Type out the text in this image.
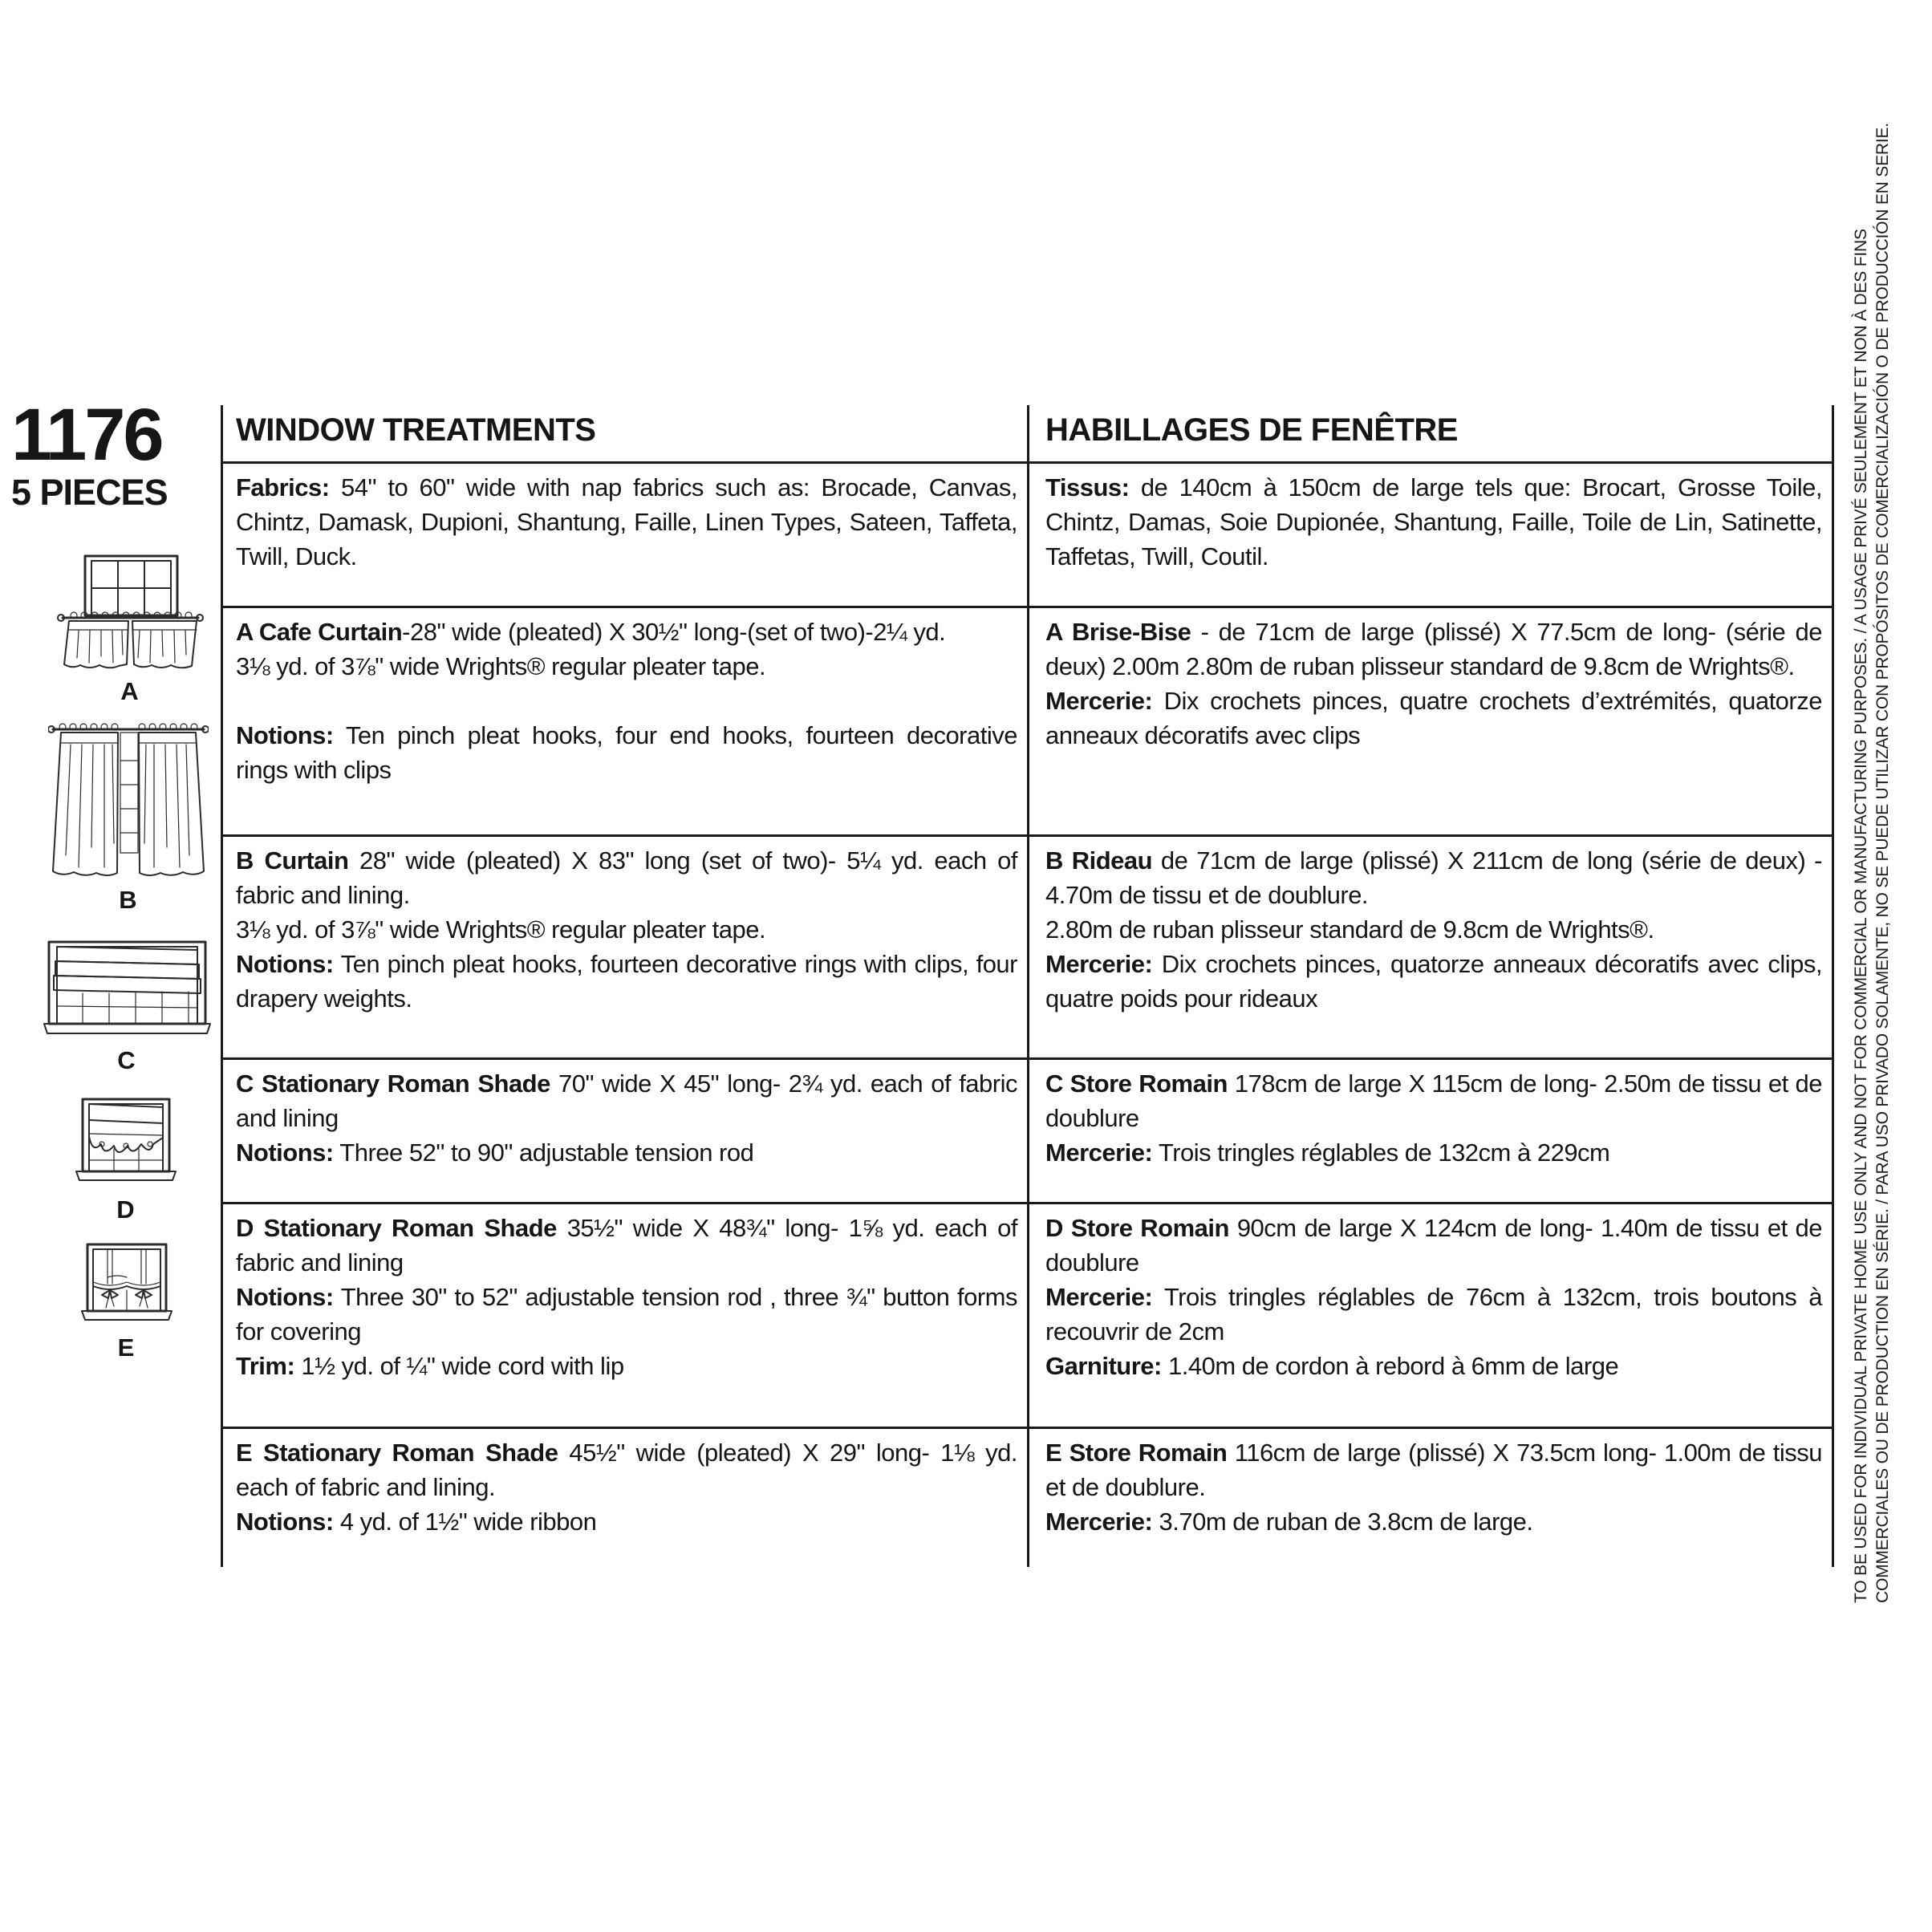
1176
5 PIECES
A
B
C
D
E

WINDOW TREATMENTS	HABILLAGES DE FENÊTRE

Fabrics: 54" to 60" wide with nap fabrics such as: Brocade, Canvas, Chintz, Damask, Dupioni, Shantung, Faille, Linen Types, Sateen, Taffeta, Twill, Duck.

Tissus: de 140cm à 150cm de large tels que: Brocart, Grosse Toile, Chintz, Damas, Soie Dupionée, Shantung, Faille, Toile de Lin, Satinette, Taffetas, Twill, Coutil.

A Cafe Curtain-28" wide (pleated) X 30½" long-(set of two)-2¼ yd.
3⅛ yd. of 3⅞" wide Wrights® regular pleater tape.

Notions: Ten pinch pleat hooks, four end hooks, fourteen decorative rings with clips

A Brise-Bise - de 71cm de large (plissé) X 77.5cm de long- (série de deux) 2.00m 2.80m de ruban plisseur standard de 9.8cm de Wrights®.

Mercerie: Dix crochets pinces, quatre crochets d’extrémités, quatorze anneaux décoratifs avec clips

B Curtain 28" wide (pleated) X 83" long (set of two)- 5¼ yd. each of fabric and lining.
3⅛ yd. of 3⅞" wide Wrights® regular pleater tape.

Notions: Ten pinch pleat hooks, fourteen decorative rings with clips, four drapery weights.

B Rideau de 71cm de large (plissé) X 211cm de long (série de deux) - 4.70m de tissu et de doublure.
2.80m de ruban plisseur standard de 9.8cm de Wrights®.

Mercerie: Dix crochets pinces, quatorze anneaux décoratifs avec clips, quatre poids pour rideaux

C Stationary Roman Shade 70" wide X 45" long- 2¾ yd. each of fabric and lining

Notions: Three 52" to 90" adjustable tension rod

C Store Romain 178cm de large X 115cm de long- 2.50m de tissu et de doublure

Mercerie: Trois tringles réglables de 132cm à 229cm

D Stationary Roman Shade 35½" wide X 48¾" long- 1⅝ yd. each of fabric and lining

Notions: Three 30" to 52" adjustable tension rod , three ¾" button forms for covering

Trim: 1½ yd. of ¼" wide cord with lip

D Store Romain 90cm de large X 124cm de long- 1.40m de tissu et de doublure

Mercerie: Trois tringles réglables de 76cm à 132cm, trois boutons à recouvrir de 2cm

Garniture: 1.40m de cordon à rebord à 6mm de large

E Stationary Roman Shade 45½" wide (pleated) X 29" long- 1⅛ yd. each of fabric and lining.

Notions: 4 yd. of 1½" wide ribbon

E Store Romain 116cm de large (plissé) X 73.5cm long- 1.00m de tissu et de doublure.

Mercerie: 3.70m de ruban de 3.8cm de large.	TO BE USED FOR INDIVIDUAL PRIVATE HOME USE ONLY AND NOT FOR COMMERCIAL OR MANUFACTURING PURPOSES. / A USAGE PRIVÉ SEULEMENT ET NON À DES FINS COMMERCIALES OU DE PRODUCTION EN SÉRIE. / PARA USO PRIVADO SOLAMENTE, NO SE PUEDE UTILIZAR CON PROPÓSITOS DE COMERCIALIZACIÓN O DE PRODUCCIÓN EN SERIE.
